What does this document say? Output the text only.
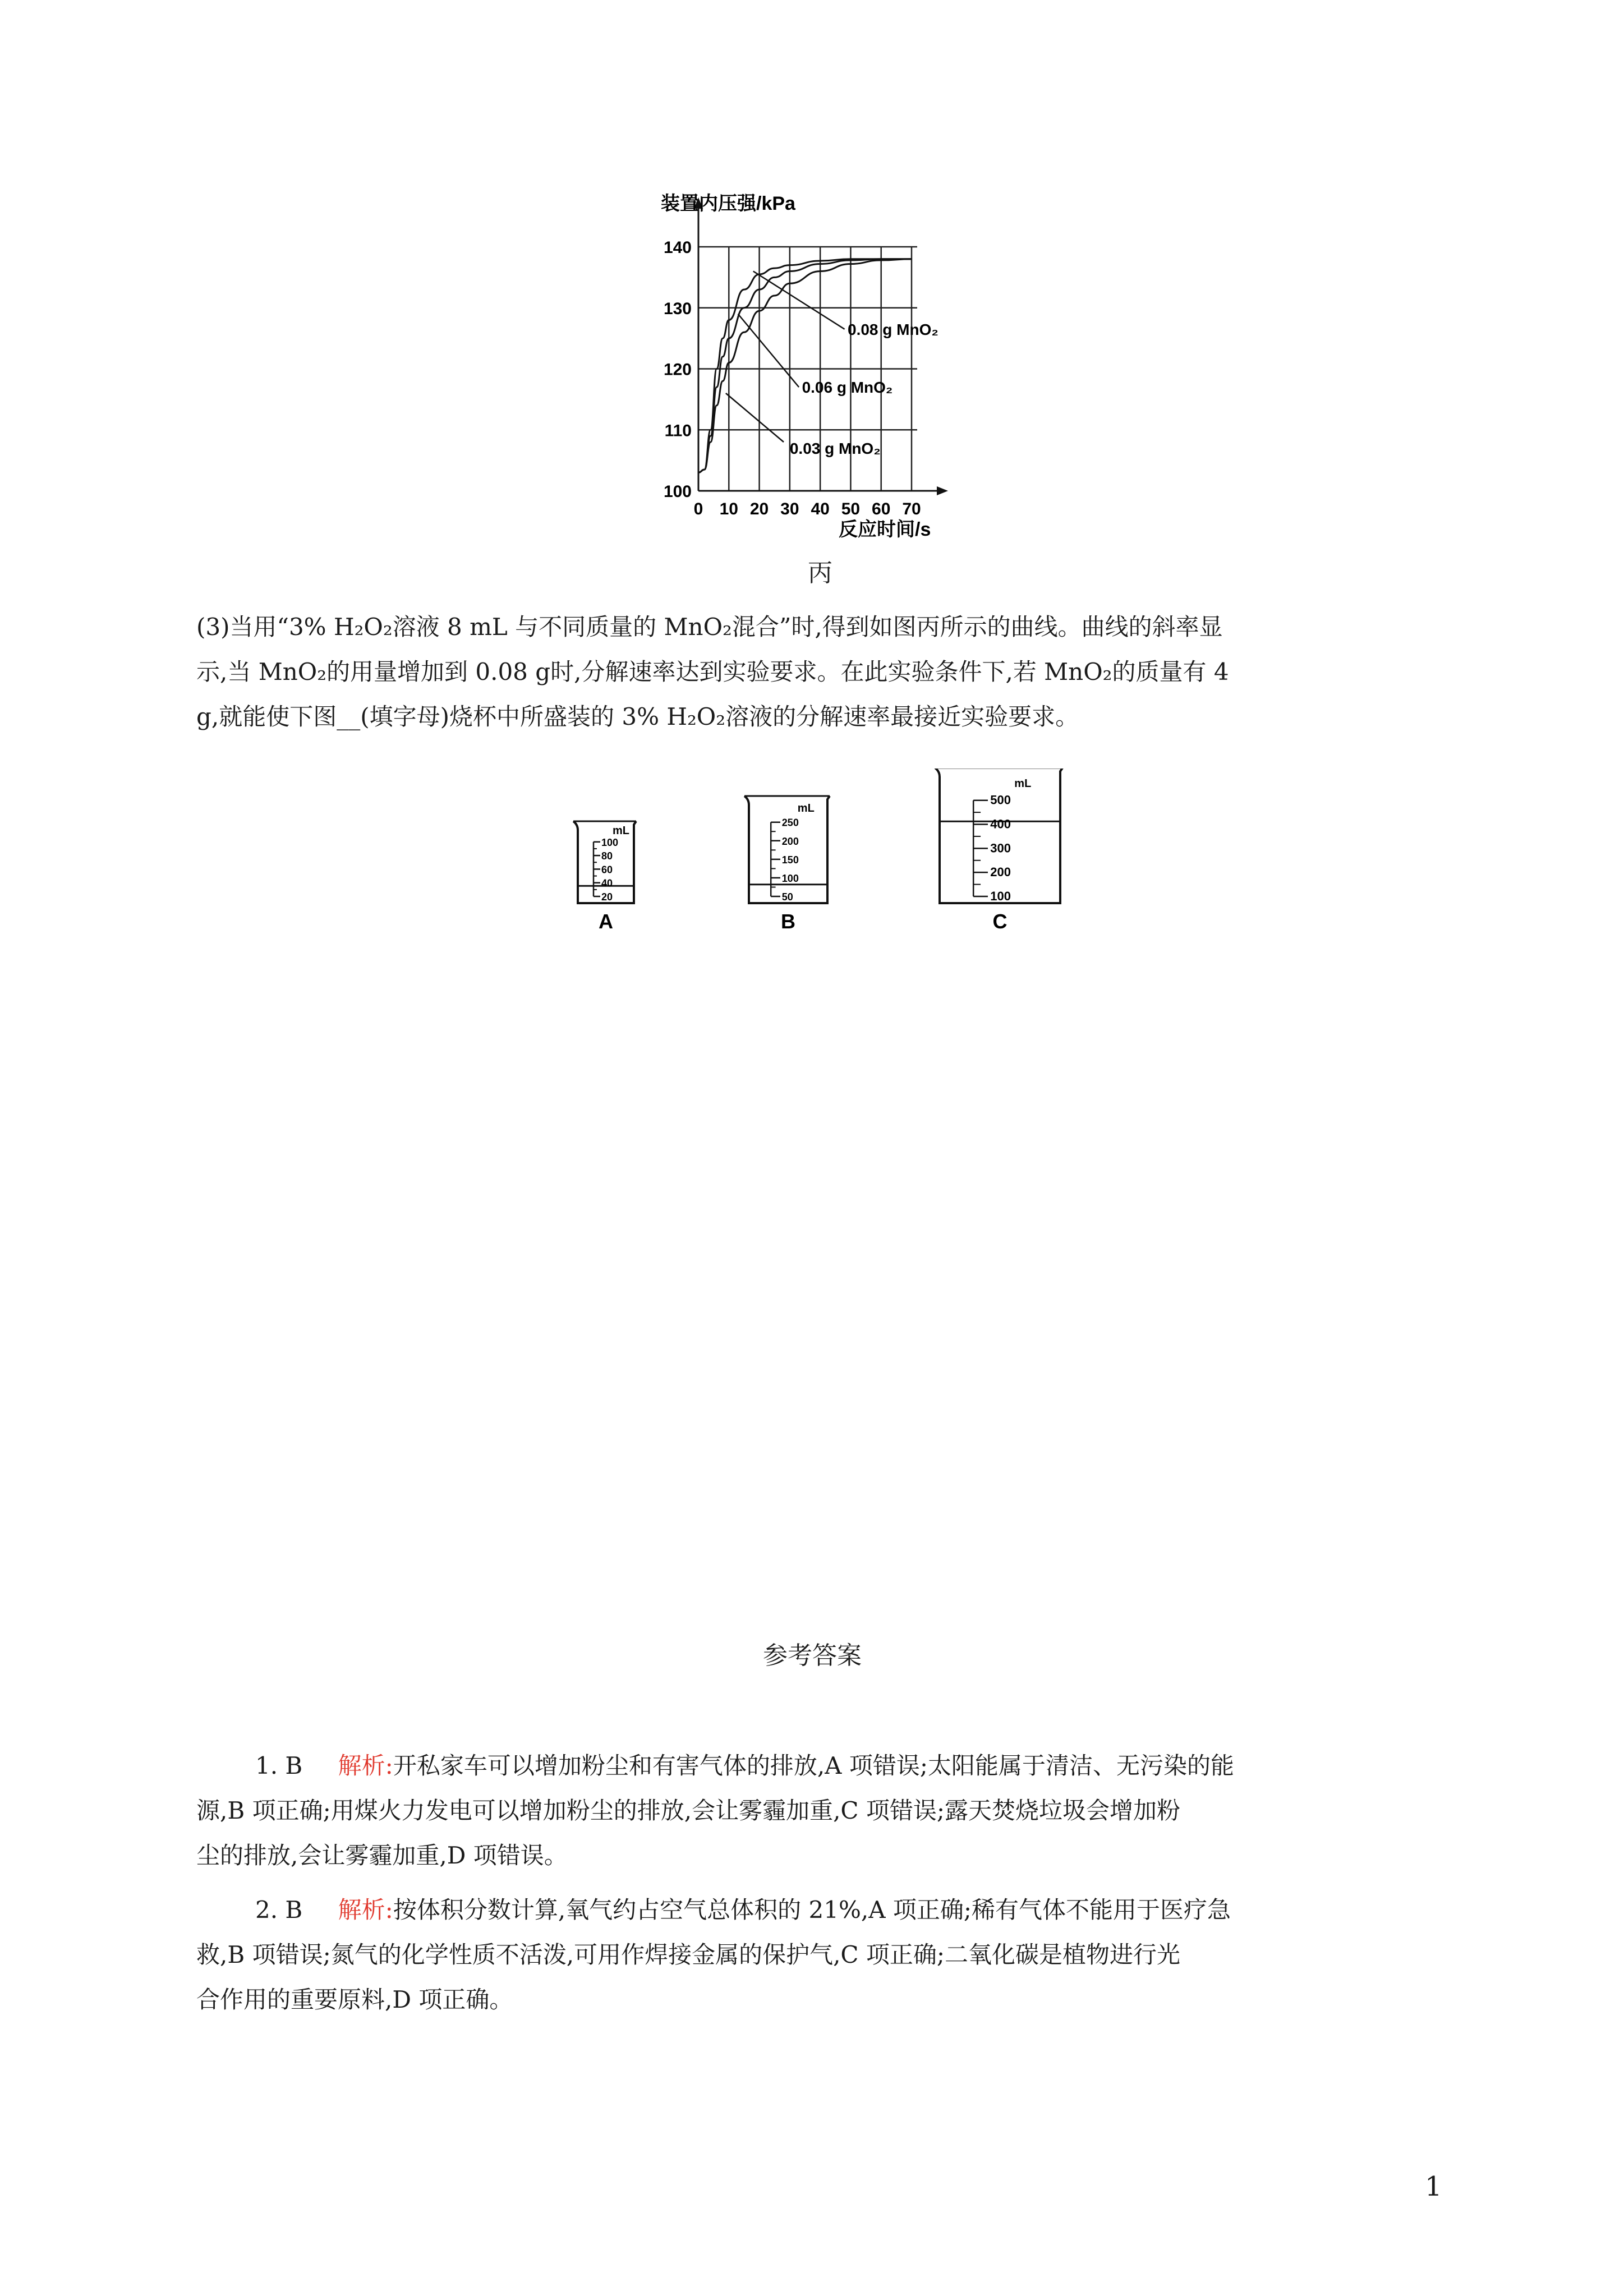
0 10 20 30 40 50 60 70
100
110
120
130
140
装置内压强/kPa
反应时间/s
0.08 g MnO₂
0.06 g MnO₂
0.03 g MnO₂
丙
(3)当用“3% H₂O₂溶液 8 mL 与不同质量的 MnO₂混合”时,得到如图丙所示的曲线。曲线的斜率显
示,当 MnO₂的用量增加到 0.08 g时,分解速率达到实验要求。在此实验条件下,若 MnO₂的质量有 4
g,就能使下图__(填字母)烧杯中所盛装的 3% H₂O₂溶液的分解速率最接近实验要求。
mL
100
80
60
40
20
A
mL
250
200
150
100
50
B
mL
500
400
300
200
100
C
参考答案
1. B 解析:开私家车可以增加粉尘和有害气体的排放,A 项错误;太阳能属于清洁、无污染的能
源,B 项正确;用煤火力发电可以增加粉尘的排放,会让雾霾加重,C 项错误;露天焚烧垃圾会增加粉
尘的排放,会让雾霾加重,D 项错误。
2. B 解析:按体积分数计算,氧气约占空气总体积的 21%,A 项正确;稀有气体不能用于医疗急
救,B 项错误;氮气的化学性质不活泼,可用作焊接金属的保护气,C 项正确;二氧化碳是植物进行光
合作用的重要原料,D 项正确。
1
